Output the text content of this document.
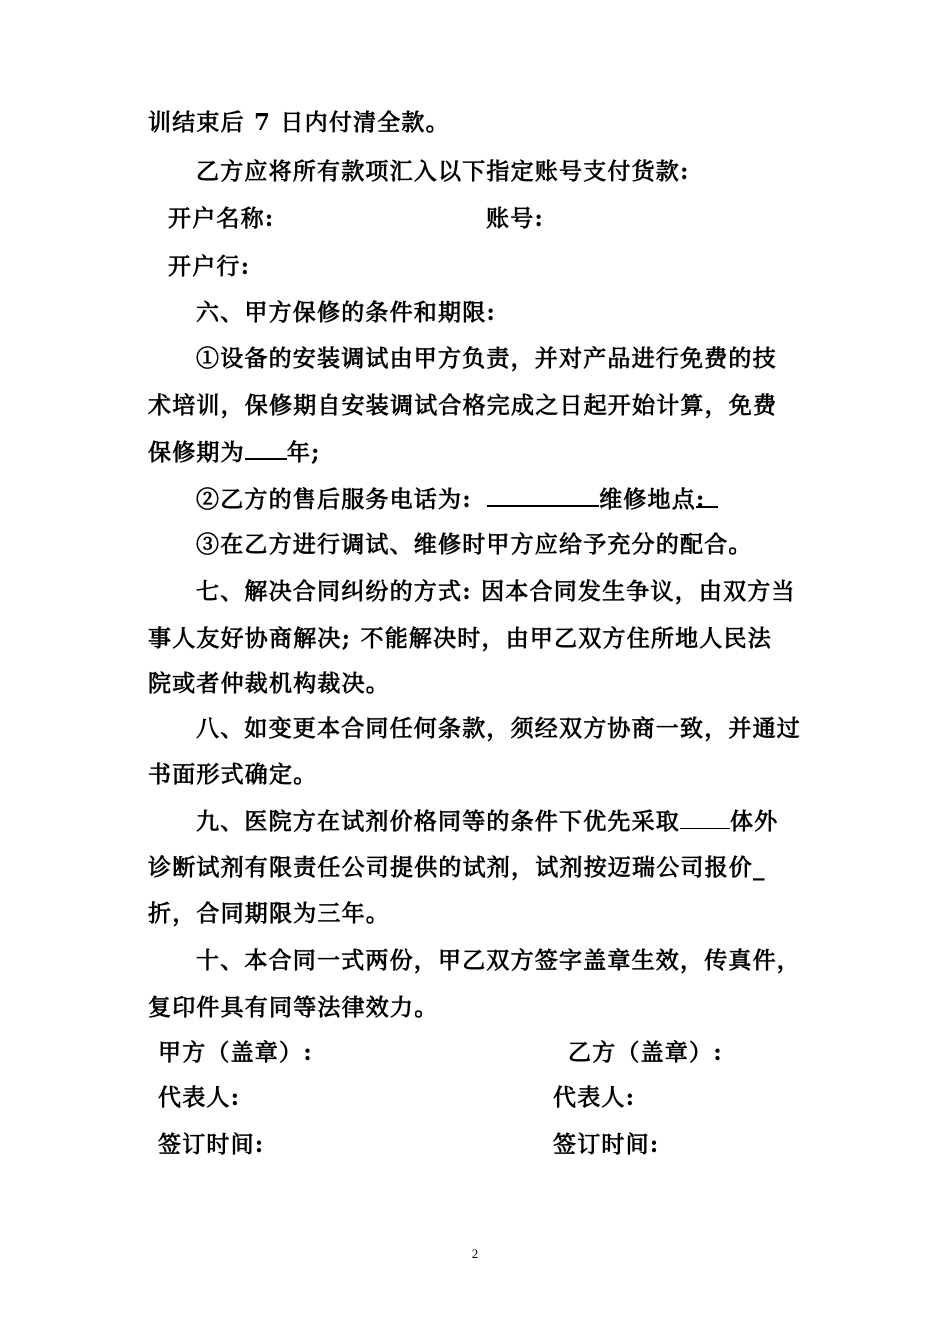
训结束后 7 日内付清全款。
乙方应将所有款项汇入以下指定账号支付货款:
开户名称:	账号:
开户行:
六、甲方保修的条件和期限:
①设备的安装调试由甲方负责，并对产品进行免费的技
术培训，保修期自安装调试合格完成之日起开始计算，免费
保修期为 年;
②乙方的售后服务电话为:	维修地点:
③在乙方进行调试、维修时甲方应给予充分的配合。
七、解决合同纠纷的方式: 因本合同发生争议，由双方当
事人友好协商解决; 不能解决时，由甲乙双方住所地人民法
院或者仲裁机构裁决。
八、如变更本合同任何条款，须经双方协商一致，并通过
书面形式确定。
九、医院方在试剂价格同等的条件下优先采取 体外
诊断试剂有限责任公司提供的试剂，试剂按迈瑞公司报价_
折，合同期限为三年。
十、本合同一式两份，甲乙双方签字盖章生效，传真件，
复印件具有同等法律效力。
甲方（盖章）:	乙方（盖章）:
代表人:	代表人:
签订时间:	签订时间:
2
